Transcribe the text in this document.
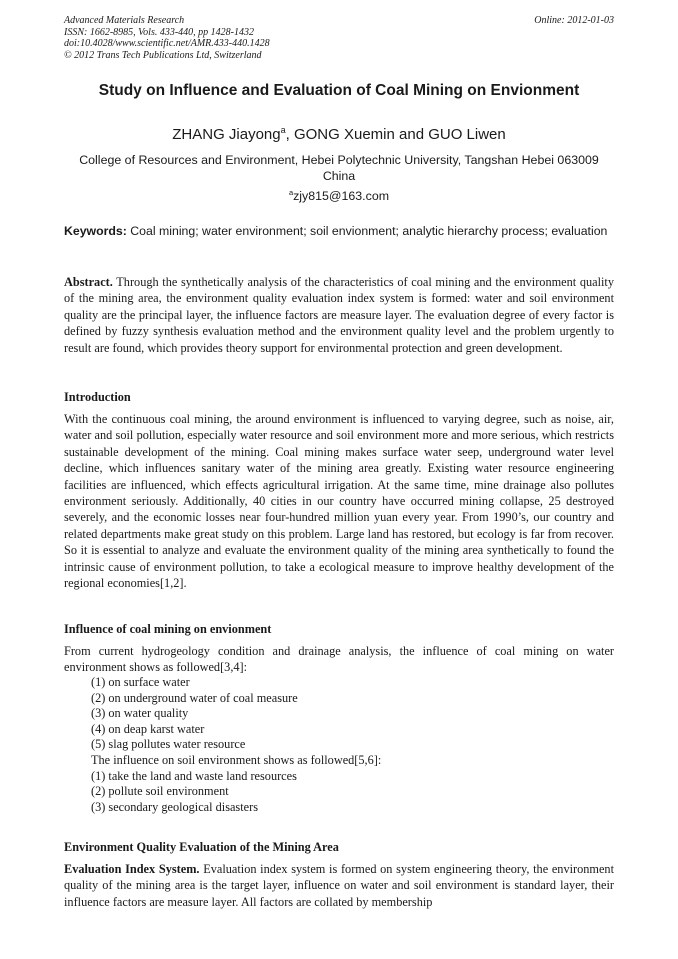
Advanced Materials Research
ISSN: 1662-8985, Vols. 433-440, pp 1428-1432
doi:10.4028/www.scientific.net/AMR.433-440.1428
© 2012 Trans Tech Publications Ltd, Switzerland
Online: 2012-01-03
Study on Influence and Evaluation of Coal Mining on Envionment
ZHANG Jiayong$^a$, GONG Xuemin and GUO Liwen
College of Resources and Environment, Hebei Polytechnic University, Tangshan Hebei 063009 China
$^a$zjy815@163.com
Keywords: Coal mining; water environment; soil envionment; analytic hierarchy process; evaluation
Abstract. Through the synthetically analysis of the characteristics of coal mining and the environment quality of the mining area, the environment quality evaluation index system is formed: water and soil environment quality are the principal layer, the influence factors are measure layer. The evaluation degree of every factor is defined by fuzzy synthesis evaluation method and the environment quality level and the problem urgently to result are found, which provides theory support for environmental protection and green development.
Introduction
With the continuous coal mining, the around environment is influenced to varying degree, such as noise, air, water and soil pollution, especially water resource and soil environment more and more serious, which restricts sustainable development of the mining. Coal mining makes surface water seep, underground water level decline, which influences sanitary water of the mining area greatly. Existing water resource engineering facilities are influenced, which effects agricultural irrigation. At the same time, mine drainage also pollutes environment seriously. Additionally, 40 cities in our country have occurred mining collapse, 25 destroyed severely, and the economic losses near four-hundred million yuan every year. From 1990’s, our country and related departments make great study on this problem. Large land has restored, but ecology is far from recover. So it is essential to analyze and evaluate the environment quality of the mining area synthetically to found the intrinsic cause of environment pollution, to take a ecological measure to improve healthy development of the regional economies[1,2].
Influence of coal mining on envionment
From current hydrogeology condition and drainage analysis, the influence of coal mining on water environment shows as followed[3,4]:
(1) on surface water
(2) on underground water of coal measure
(3) on water quality
(4) on deap karst water
(5) slag pollutes water resource
The influence on soil environment shows as followed[5,6]:
(1) take the land and waste land resources
(2) pollute soil environment
(3) secondary geological disasters
Environment Quality Evaluation of the Mining Area
Evaluation Index System. Evaluation index system is formed on system engineering theory, the environment quality of the mining area is the target layer, influence on water and soil environment is standard layer, their influence factors are measure layer. All factors are collated by membership
